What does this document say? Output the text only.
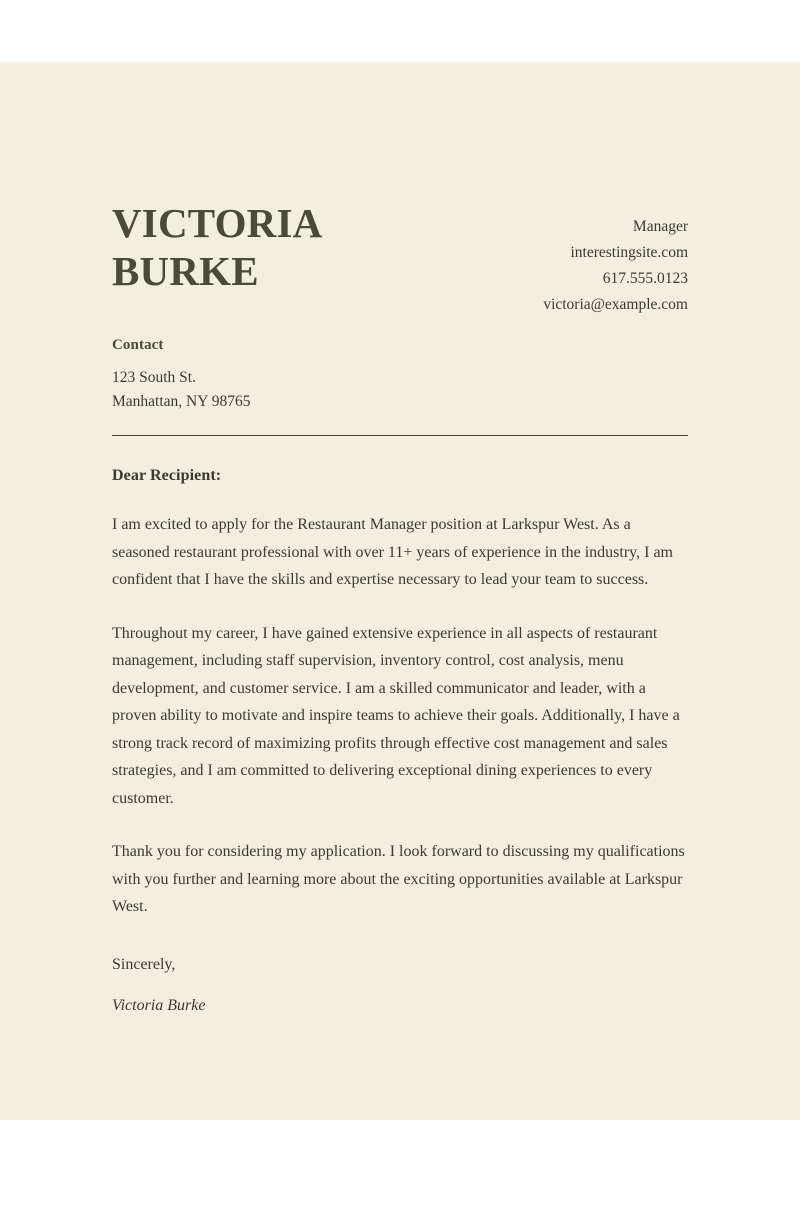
VICTORIA
BURKE
Manager
interestingsite.com
617.555.0123
victoria@example.com
Contact
123 South St.
Manhattan, NY 98765
Dear Recipient:

I am excited to apply for the Restaurant Manager position at Larkspur West. As a seasoned restaurant professional with over 11+ years of experience in the industry, I am confident that I have the skills and expertise necessary to lead your team to success.

Throughout my career, I have gained extensive experience in all aspects of restaurant management, including staff supervision, inventory control, cost analysis, menu development, and customer service. I am a skilled communicator and leader, with a proven ability to motivate and inspire teams to achieve their goals. Additionally, I have a strong track record of maximizing profits through effective cost management and sales strategies, and I am committed to delivering exceptional dining experiences to every customer.

Thank you for considering my application. I look forward to discussing my qualifications with you further and learning more about the exciting opportunities available at Larkspur West.

Sincerely,
Victoria Burke
